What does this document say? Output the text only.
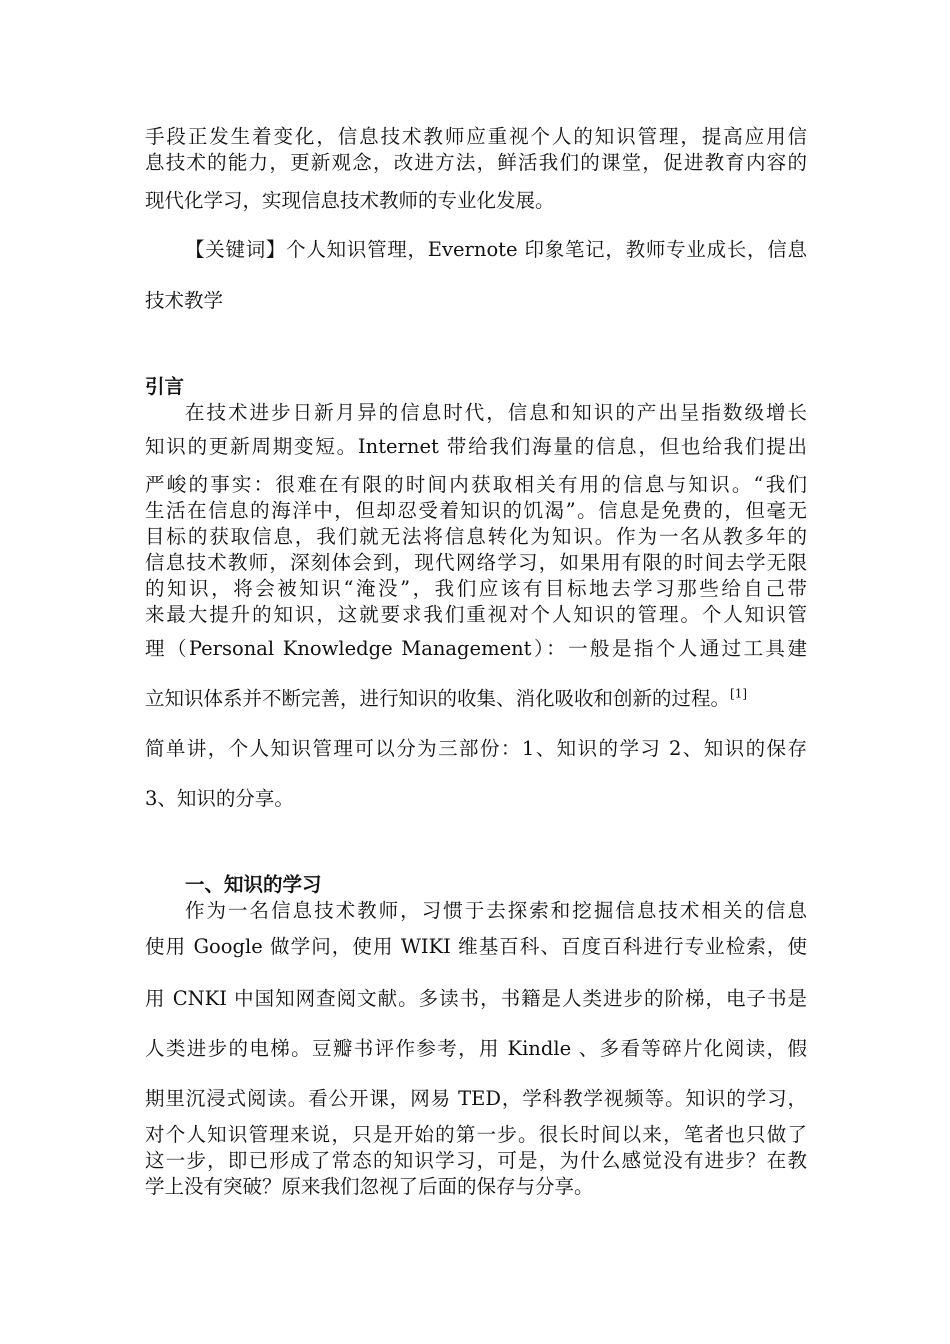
手段正发生着变化，信息技术教师应重视个人的知识管理，提高应用信
息技术的能力，更新观念，改进方法，鲜活我们的课堂，促进教育内容的
现代化学习，实现信息技术教师的专业化发展。
【关键词】个人知识管理，Evernote 印象笔记，教师专业成长，信息
技术教学
引言
在技术进步日新月异的信息时代，信息和知识的产出呈指数级增长
知识的更新周期变短。Internet 带给我们海量的信息，但也给我们提出
严峻的事实：很难在有限的时间内获取相关有用的信息与知识。“我们
生活在信息的海洋中，但却忍受着知识的饥渴”。信息是免费的，但毫无
目标的获取信息，我们就无法将信息转化为知识。作为一名从教多年的
信息技术教师，深刻体会到，现代网络学习，如果用有限的时间去学无限
的知识，将会被知识“淹没”，我们应该有目标地去学习那些给自己带
来最大提升的知识，这就要求我们重视对个人知识的管理。个人知识管
理（Personal Knowledge Management）：一般是指个人通过工具建
立知识体系并不断完善，进行知识的收集、消化吸收和创新的过程。[1]
简单讲，个人知识管理可以分为三部份：1、知识的学习 2、知识的保存
3、知识的分享。
一、知识的学习
作为一名信息技术教师，习惯于去探索和挖掘信息技术相关的信息
使用 Google 做学问，使用 WIKI 维基百科、百度百科进行专业检索，使
用 CNKI 中国知网查阅文献。多读书，书籍是人类进步的阶梯，电子书是
人类进步的电梯。豆瓣书评作参考，用 Kindle 、多看等碎片化阅读，假
期里沉浸式阅读。看公开课，网易 TED，学科教学视频等。知识的学习，
对个人知识管理来说，只是开始的第一步。很长时间以来，笔者也只做了
这一步，即已形成了常态的知识学习，可是，为什么感觉没有进步？在教
学上没有突破？原来我们忽视了后面的保存与分享。
